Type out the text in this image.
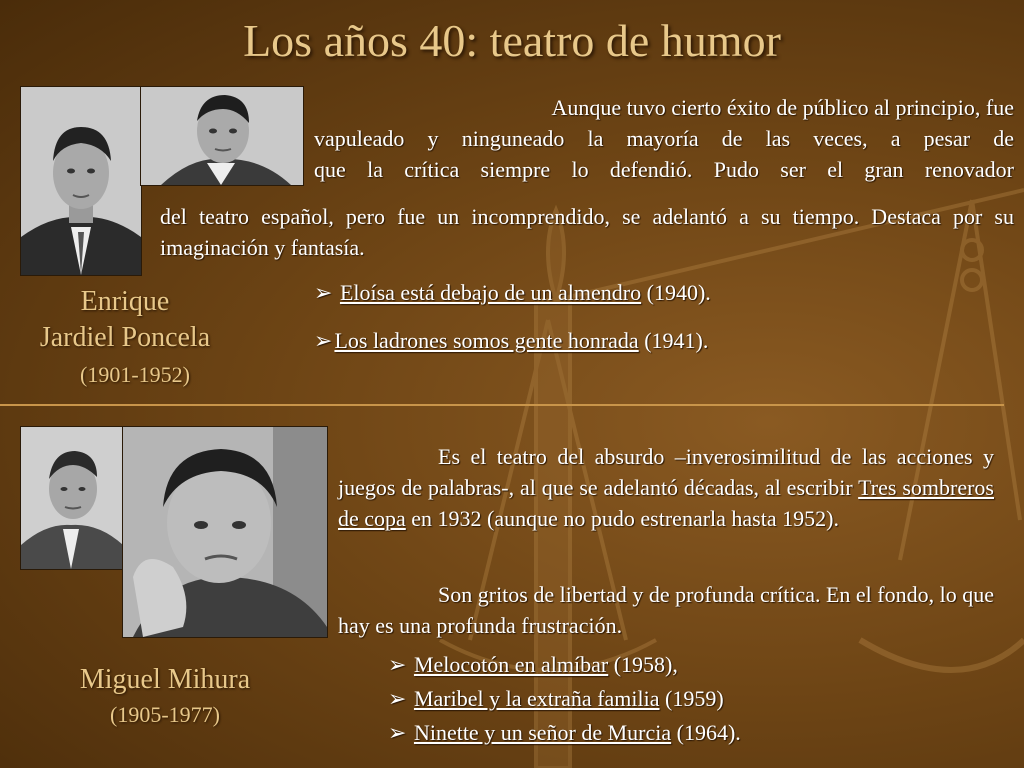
Los años 40: teatro de humor
Enrique
Jardiel Poncela
(1901-1952)
Aunque tuvo cierto éxito de público al principio, fue
vapuleado y ninguneado la mayoría de las veces, a pesar de
que la crítica siempre lo defendió. Pudo ser el gran renovador
del teatro español, pero fue un incomprendido, se adelantó a su tiempo. Destaca por su imaginación y fantasía.
➢ Eloísa está debajo de un almendro (1940).
➢Los ladrones somos gente honrada (1941).
Miguel Mihura
(1905-1977)
Es el teatro del absurdo –inverosimilitud de las acciones y juegos de palabras-, al que se adelantó décadas, al escribir Tres sombreros de copa en 1932 (aunque no pudo estrenarla hasta 1952).
Son gritos de libertad y de profunda crítica. En el fondo, lo que hay es una profunda frustración.
➢ Melocotón en almíbar (1958),
➢ Maribel y la extraña familia (1959)
➢ Ninette y un señor de Murcia (1964).
